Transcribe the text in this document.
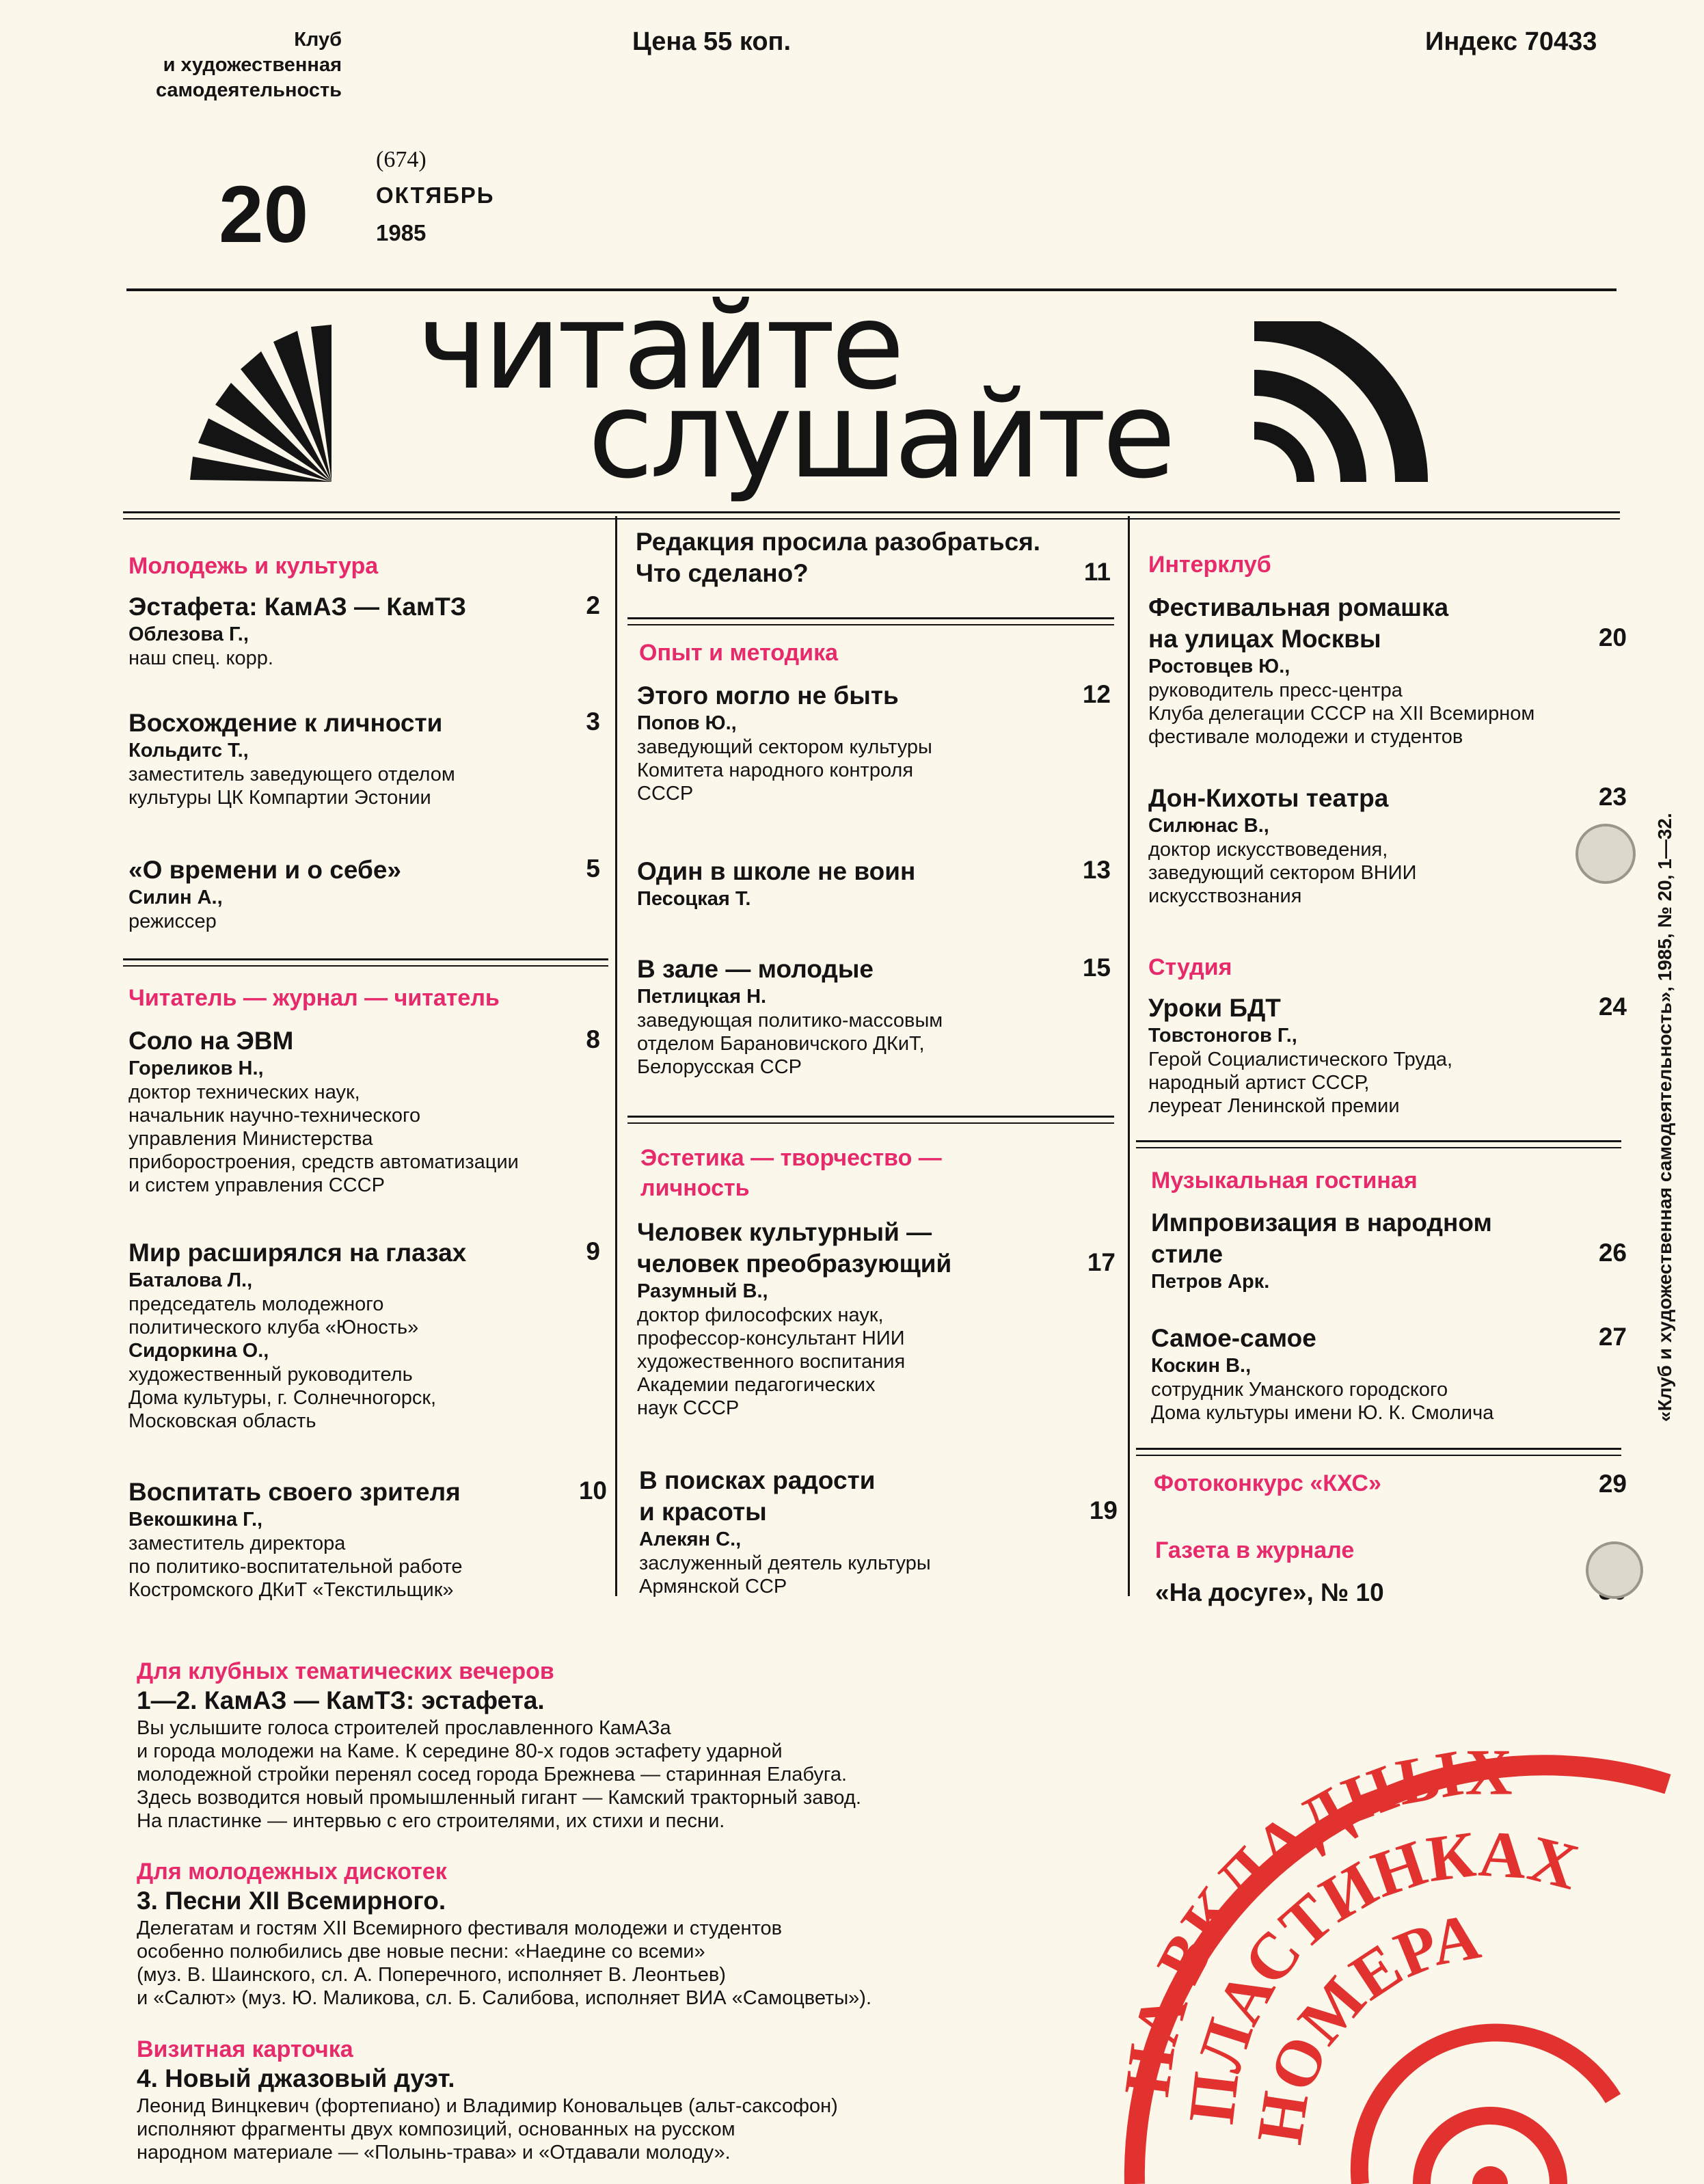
Клуб
и художественная
самодеятельность
Цена 55 коп.	Индекс 70433
20
(674)
ОКТЯБРЬ
1985
читайте
слушайте
Молодежь и культура
Эстафета: КамАЗ — КамТЗ	2
Облезова Г.,
наш спец. корр.
Восхождение к личности	3
Кольдитс Т.,
заместитель заведующего отделом
культуры ЦК Компартии Эстонии
«О времени и о себе»	5
Силин А.,
режиссер
Читатель — журнал — читатель
Соло на ЭВМ	8
Гореликов Н.,
доктор технических наук,
начальник научно-технического
управления Министерства
приборостроения, средств автоматизации
и систем управления СССР
Мир расширялся на глазах	9
Баталова Л.,
председатель молодежного
политического клуба «Юность»
Сидоркина О.,
художественный руководитель
Дома культуры, г. Солнечногорск,
Московская область
Воспитать своего зрителя	10
Векошкина Г.,
заместитель директора
по политико-воспитательной работе
Костромского ДКиТ «Текстильщик»
Редакция просила разобраться.
Что сделано?	11
Опыт и методика
Этого могло не быть	12
Попов Ю.,
заведующий сектором культуры
Комитета народного контроля
СССР
Один в школе не воин	13
Песоцкая Т.
В зале — молодые	15
Петлицкая Н.
заведующая политико-массовым
отделом Барановичского ДКиТ,
Белорусская ССР
Эстетика — творчество —
личность
Человек культурный —
человек преобразующий	17
Разумный В.,
доктор философских наук,
профессор-консультант НИИ
художественного воспитания
Академии педагогических
наук СССР
В поисках радости
и красоты	19
Алекян С.,
заслуженный деятель культуры
Армянской ССР
Интерклуб
Фестивальная ромашка
на улицах Москвы	20
Ростовцев Ю.,
руководитель пресс-центра
Клуба делегации СССР на XII Всемирном
фестивале молодежи и студентов
Дон-Кихоты театра	23
Силюнас В.,
доктор искусствоведения,
заведующий сектором ВНИИ
искусствознания
Студия
Уроки БДТ	24
Товстоногов Г.,
Герой Социалистического Труда,
народный артист СССР,
леуреат Ленинской премии
Музыкальная гостиная
Импровизация в народном
стиле	26
Петров Арк.
Самое-самое	27
Коскин В.,
сотрудник Уманского городского
Дома культуры имени Ю. К. Смолича
Фотоконкурс «КХС»	29
Газета в журнале
«На досуге», № 10
«Клуб и художественная самодеятельность», 1985, № 20, 1—32.
Для клубных тематических вечеров
1—2. КамАЗ — КамТЗ: эстафета.
Вы услышите голоса строителей прославленного КамАЗа
и города молодежи на Каме. К середине 80-х годов эстафету ударной
молодежной стройки перенял сосед города Брежнева — старинная Елабуга.
Здесь возводится новый промышленный гигант — Камский тракторный завод.
На пластинке — интервью с его строителями, их стихи и песни.
Для молодежных дискотек
3. Песни XII Всемирного.
Делегатам и гостям XII Всемирного фестиваля молодежи и студентов
особенно полюбились две новые песни: «Наедине со всеми»
(муз. В. Шаинского, сл. А. Поперечного, исполняет В. Леонтьев)
и «Салют» (муз. Ю. Маликова, сл. Б. Салибова, исполняет ВИА «Самоцветы»).
Визитная карточка
4. Новый джазовый дуэт.
Леонид Винцкевич (фортепиано) и Владимир Коновальцев (альт-саксофон)
исполняют фрагменты двух композиций, основанных на русском
народном материале — «Полынь-трава» и «Отдавали молоду».
НА ВКЛАДНЫХ
ПЛАСТИНКАХ
НОМЕРА
